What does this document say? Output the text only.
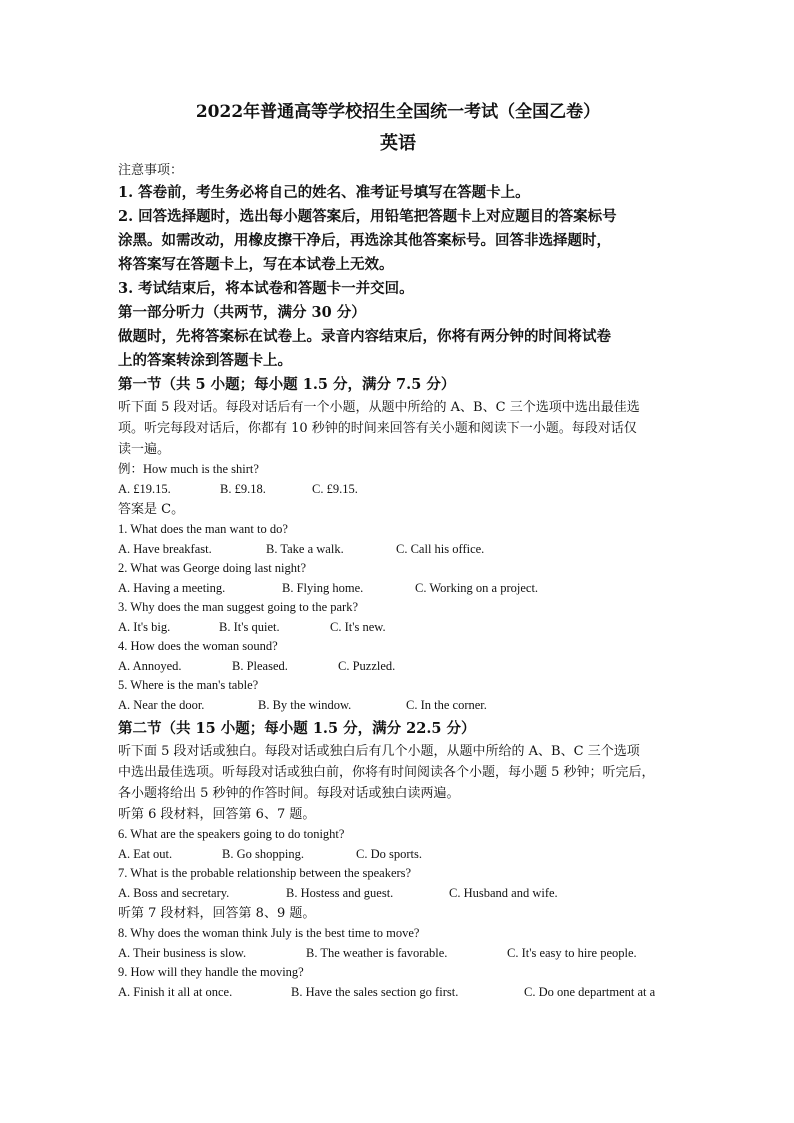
2022年普通高等学校招生全国统一考试（全国乙卷）
英语
注意事项：
1. 答卷前，考生务必将自己的姓名、准考证号填写在答题卡上。
2. 回答选择题时，选出每小题答案后，用铅笔把答题卡上对应题目的答案标号
涂黑。如需改动，用橡皮擦干净后，再选涂其他答案标号。回答非选择题时，
将答案写在答题卡上，写在本试卷上无效。
3. 考试结束后，将本试卷和答题卡一并交回。
第一部分听力（共两节，满分 30 分）
做题时，先将答案标在试卷上。录音内容结束后，你将有两分钟的时间将试卷
上的答案转涂到答题卡上。
第一节（共 5 小题；每小题 1.5 分，满分 7.5 分）
听下面 5 段对话。每段对话后有一个小题，从题中所给的 A、B、C 三个选项中选出最佳选
项。听完每段对话后，你都有 10 秒钟的时间来回答有关小题和阅读下一小题。每段对话仅
读一遍。
例：How much is the shirt?
A. £19.15.	B. £9.18.	C. £9.15.
答案是 C。
1. What does the man want to do?
A. Have breakfast.	B. Take a walk.	C. Call his office.
2. What was George doing last night?
A. Having a meeting.	B. Flying home.	C. Working on a project.
3. Why does the man suggest going to the park?
A. It's big.	B. It's quiet.	C. It's new.
4. How does the woman sound?
A. Annoyed.	B. Pleased.	C. Puzzled.
5. Where is the man's table?
A. Near the door.	B. By the window.	C. In the corner.
第二节（共 15 小题；每小题 1.5 分，满分 22.5 分）
听下面 5 段对话或独白。每段对话或独白后有几个小题，从题中所给的 A、B、C 三个选项
中选出最佳选项。听每段对话或独白前，你将有时间阅读各个小题，每小题 5 秒钟；听完后，
各小题将给出 5 秒钟的作答时间。每段对话或独白读两遍。
听第 6 段材料，回答第 6、7 题。
6. What are the speakers going to do tonight?
A. Eat out.	B. Go shopping.	C. Do sports.
7. What is the probable relationship between the speakers?
A. Boss and secretary.	B. Hostess and guest.	C. Husband and wife.
听第 7 段材料，回答第 8、9 题。
8. Why does the woman think July is the best time to move?
A. Their business is slow.	B. The weather is favorable.	C. It's easy to hire people.
9. How will they handle the moving?
A. Finish it all at once.	B. Have the sales section go first.	C. Do one department at a
